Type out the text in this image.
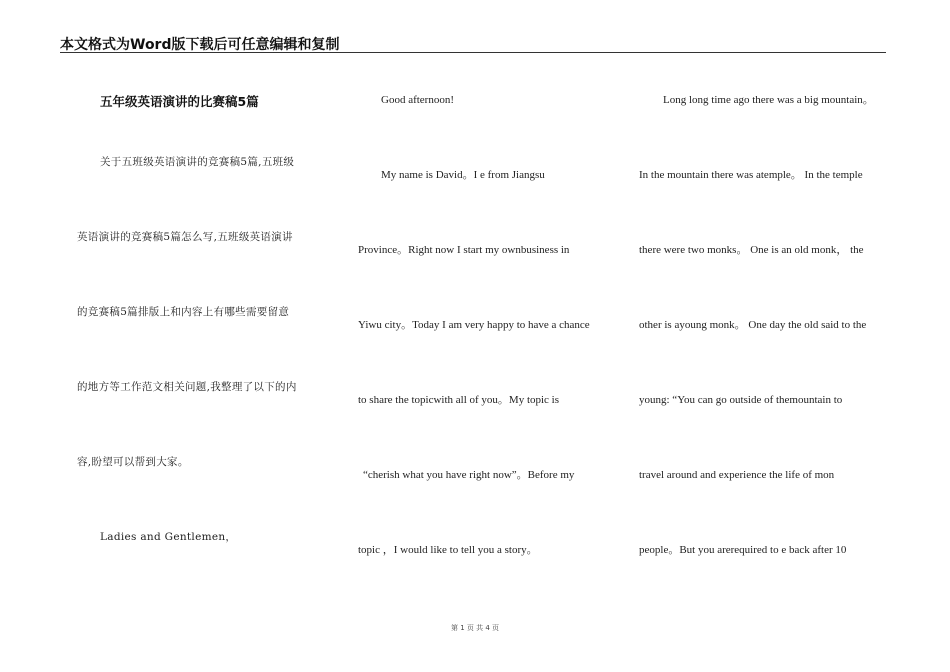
本文格式为Word版下载后可任意编辑和复制
五年级英语演讲的比赛稿5篇
关于五班级英语演讲的竞赛稿5篇,五班级
英语演讲的竞赛稿5篇怎么写,五班级英语演讲
的竞赛稿5篇排版上和内容上有哪些需要留意
的地方等工作范文相关问题,我整理了以下的内
容,盼望可以帮到大家。
Ladies and Gentlemen，
Good afternoon!
My name is David。I e from Jiangsu
Province。Right now I start my ownbusiness in
Yiwu city。Today I am very happy to have a chance
to share the topicwith all of you。My topic is
“cherish what you have right now”。Before my
topic ，I would like to tell you a story。
Long long time ago there was a big mountain。
In the mountain there was atemple。 In the temple
there were two monks。 One is an old monk， the
other is ayoung monk。 One day the old said to the
young: “You can go outside of themountain to
travel around and experience the life of mon
people。But you arerequired to e back after 10
第 1 页 共 4 页
